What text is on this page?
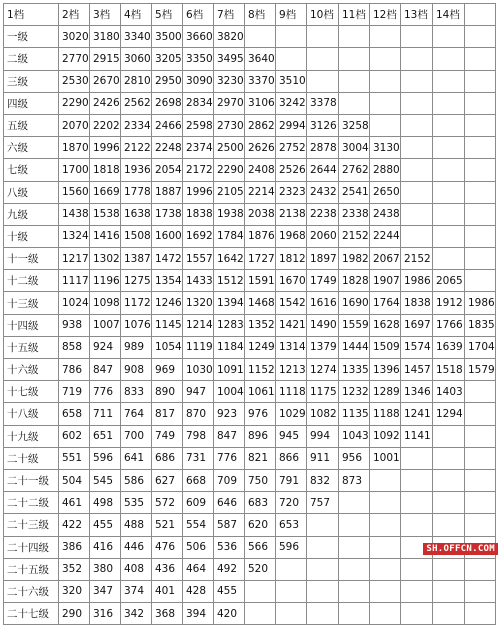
1档	2档	3档	4档	5档	6档	7档	8档	9档	10档	11档	12档	13档	14档	
一级	3020	3180	3340	3500	3660	3820								
二级	2770	2915	3060	3205	3350	3495	3640							
三级	2530	2670	2810	2950	3090	3230	3370	3510						
四级	2290	2426	2562	2698	2834	2970	3106	3242	3378					
五级	2070	2202	2334	2466	2598	2730	2862	2994	3126	3258				
六级	1870	1996	2122	2248	2374	2500	2626	2752	2878	3004	3130			
七级	1700	1818	1936	2054	2172	2290	2408	2526	2644	2762	2880			
八级	1560	1669	1778	1887	1996	2105	2214	2323	2432	2541	2650			
九级	1438	1538	1638	1738	1838	1938	2038	2138	2238	2338	2438			
十级	1324	1416	1508	1600	1692	1784	1876	1968	2060	2152	2244			
十一级	1217	1302	1387	1472	1557	1642	1727	1812	1897	1982	2067	2152		
十二级	1117	1196	1275	1354	1433	1512	1591	1670	1749	1828	1907	1986	2065	
十三级	1024	1098	1172	1246	1320	1394	1468	1542	1616	1690	1764	1838	1912	1986
十四级	938	1007	1076	1145	1214	1283	1352	1421	1490	1559	1628	1697	1766	1835
十五级	858	924	989	1054	1119	1184	1249	1314	1379	1444	1509	1574	1639	1704
十六级	786	847	908	969	1030	1091	1152	1213	1274	1335	1396	1457	1518	1579
十七级	719	776	833	890	947	1004	1061	1118	1175	1232	1289	1346	1403	
十八级	658	711	764	817	870	923	976	1029	1082	1135	1188	1241	1294	
十九级	602	651	700	749	798	847	896	945	994	1043	1092	1141		
二十级	551	596	641	686	731	776	821	866	911	956	1001			
二十一级	504	545	586	627	668	709	750	791	832	873				
二十二级	461	498	535	572	609	646	683	720	757					
二十三级	422	455	488	521	554	587	620	653						
二十四级	386	416	446	476	506	536	566	596						
二十五级	352	380	408	436	464	492	520							
二十六级	320	347	374	401	428	455								
二十七级	290	316	342	368	394	420								
SH.OFFCN.COM
